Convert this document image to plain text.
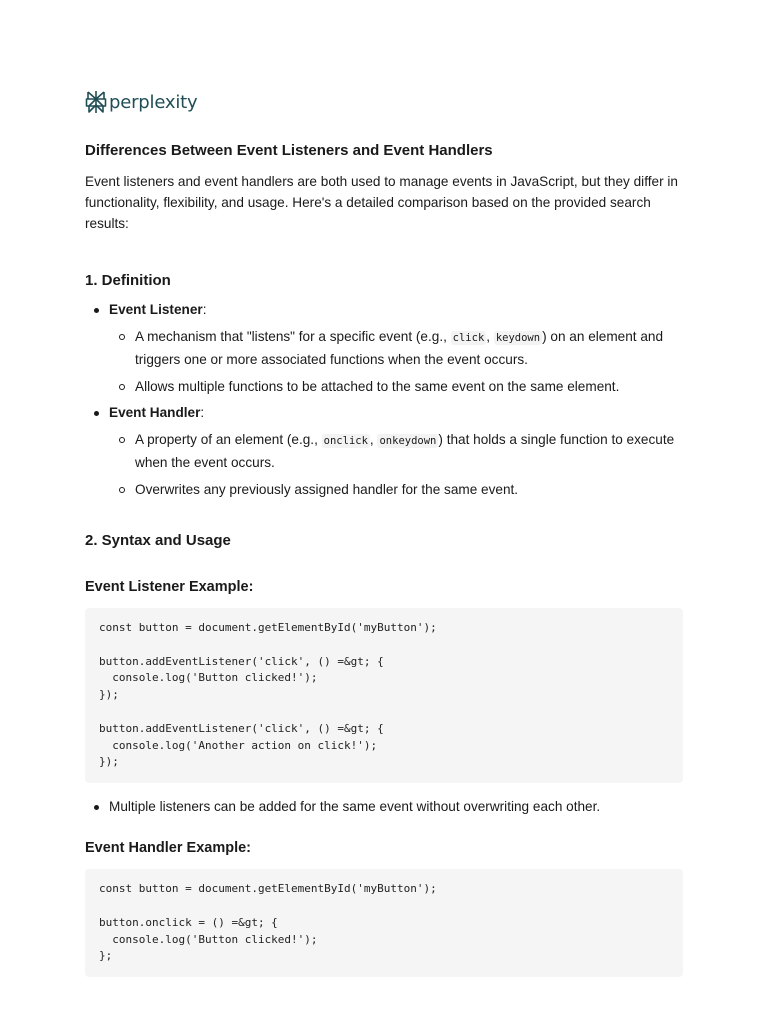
perplexity
Differences Between Event Listeners and Event Handlers

Event listeners and event handlers are both used to manage events in JavaScript, but they differ in functionality, flexibility, and usage. Here's a detailed comparison based on the provided search results:

1. Definition
Event Listener:
A mechanism that "listens" for a specific event (e.g., click , keydown ) on an element and triggers one or more associated functions when the event occurs.
Allows multiple functions to be attached to the same event on the same element.
Event Handler:
A property of an element (e.g., onclick , onkeydown ) that holds a single function to execute when the event occurs.
Overwrites any previously assigned handler for the same event.
2. Syntax and Usage
Event Listener Example:
const button = document.getElementById('myButton');

button.addEventListener('click', () =&gt; {
console.log('Button clicked!');
});

button.addEventListener('click', () =&gt; {
console.log('Another action on click!');
});
Multiple listeners can be added for the same event without overwriting each other.
Event Handler Example:
const button = document.getElementById('myButton');

button.onclick = () =&gt; {
console.log('Button clicked!');
};
